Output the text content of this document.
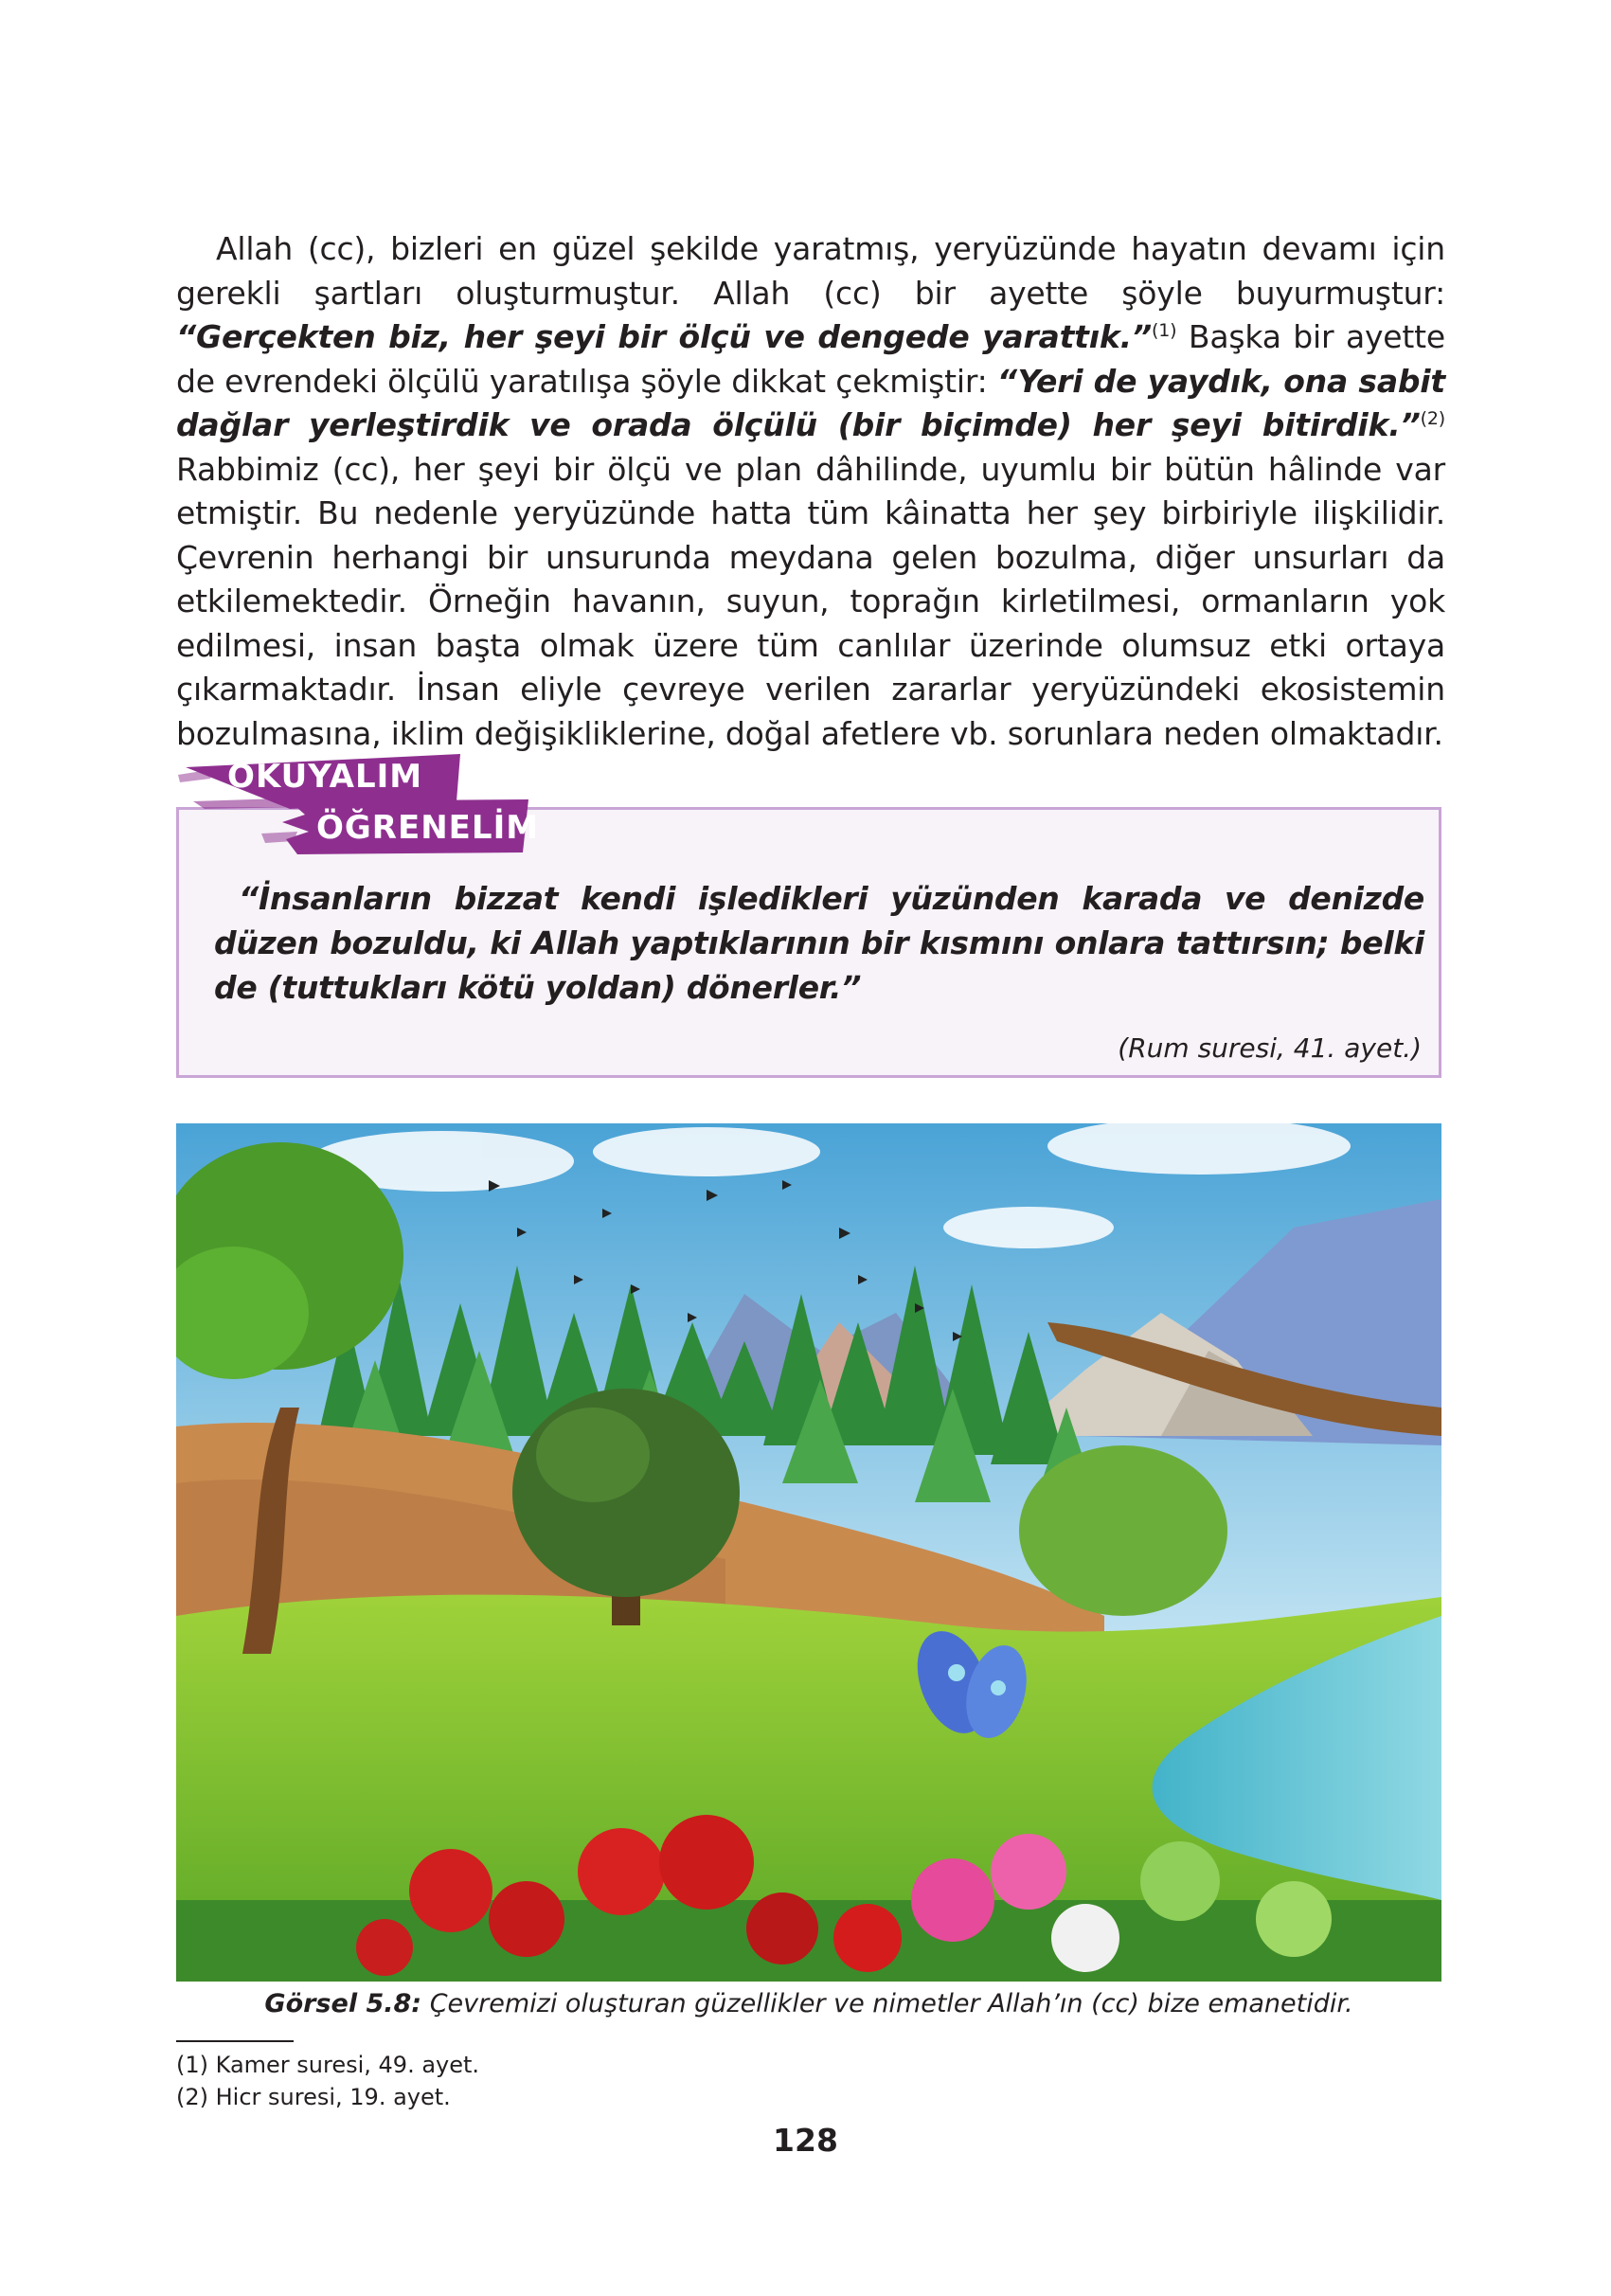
Allah (cc), bizleri en güzel şekilde yaratmış, yeryüzünde hayatın devamı için gerekli şartları oluşturmuştur. Allah (cc) bir ayette şöyle buyurmuştur: “Gerçekten biz, her şeyi bir ölçü ve dengede yarattık.”$^{(1)}$ Başka bir ayette de evrendeki ölçülü yaratılışa şöyle dikkat çekmiştir: “Yeri de yaydık, ona sabit dağlar yerleştirdik ve orada ölçülü (bir biçimde) her şeyi bitirdik.”$^{(2)}$ Rabbimiz (cc), her şeyi bir ölçü ve plan dâhilinde, uyumlu bir bütün hâlinde var etmiştir. Bu nedenle yeryüzünde hatta tüm kâinatta her şey birbiriyle ilişkilidir. Çevrenin herhangi bir unsurunda meydana gelen bozulma, diğer unsurları da etkilemektedir. Örneğin havanın, suyun, toprağın kirletilmesi, ormanların yok edilmesi, insan başta olmak üzere tüm canlılar üzerinde olumsuz etki ortaya çıkarmaktadır. İnsan eliyle çevreye verilen zararlar yeryüzündeki ekosistemin bozulmasına, iklim değişikliklerine, doğal afetlere vb. sorunlara neden olmaktadır.
OKUYALIM
ÖĞRENELİM
“İnsanların bizzat kendi işledikleri yüzünden karada ve denizde düzen bozuldu, ki Allah yaptıklarının bir kısmını onlara tattırsın; belki de (tuttukları kötü yoldan) dönerler.”
(Rum suresi, 41. ayet.)
Görsel 5.8: Çevremizi oluşturan güzellikler ve nimetler Allah’ın (cc) bize emanetidir.
(1) Kamer suresi, 49. ayet.
(2) Hicr suresi, 19. ayet.
128
